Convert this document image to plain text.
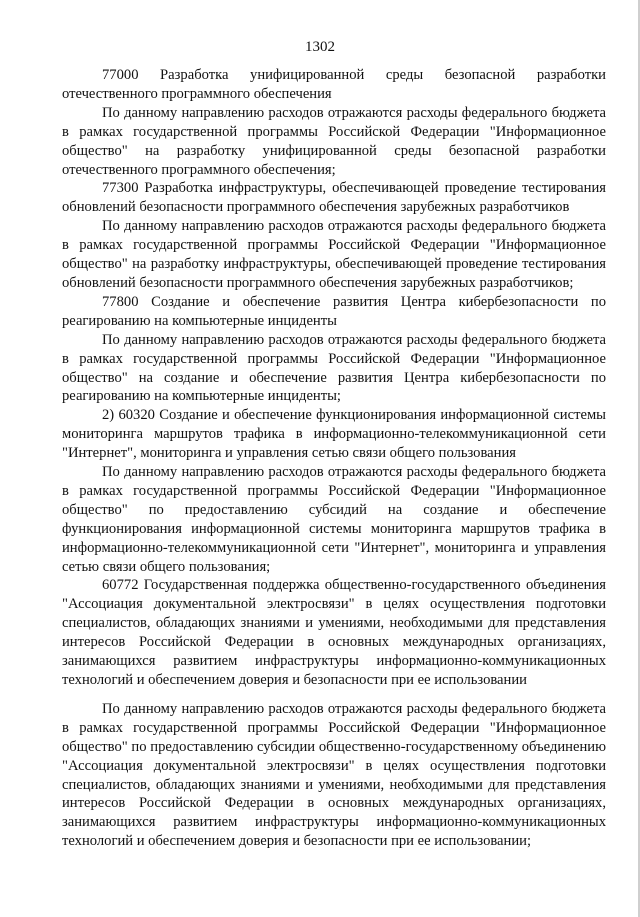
1302

77000 Разработка унифицированной среды безопасной разработки отечественного программного обеспечения

По данному направлению расходов отражаются расходы федерального бюджета в рамках государственной программы Российской Федерации "Информационное общество" на разработку унифицированной среды безопасной разработки отечественного программного обеспечения;

77300 Разработка инфраструктуры, обеспечивающей проведение тестирования обновлений безопасности программного обеспечения зарубежных разработчиков

По данному направлению расходов отражаются расходы федерального бюджета в рамках государственной программы Российской Федерации "Информационное общество" на разработку инфраструктуры, обеспечивающей проведение тестирования обновлений безопасности программного обеспечения зарубежных разработчиков;

77800 Создание и обеспечение развития Центра кибербезопасности по реагированию на компьютерные инциденты

По данному направлению расходов отражаются расходы федерального бюджета в рамках государственной программы Российской Федерации "Информационное общество" на создание и обеспечение развития Центра кибербезопасности по реагированию на компьютерные инциденты;

2) 60320 Создание и обеспечение функционирования информационной системы мониторинга маршрутов трафика в информационно-телекоммуникационной сети "Интернет", мониторинга и управления сетью связи общего пользования

По данному направлению расходов отражаются расходы федерального бюджета в рамках государственной программы Российской Федерации "Информационное общество" по предоставлению субсидий на создание и обеспечение функционирования информационной системы мониторинга маршрутов трафика в информационно-телекоммуникационной сети "Интернет", мониторинга и управления сетью связи общего пользования;

60772 Государственная поддержка общественно-государственного объединения "Ассоциация документальной электросвязи" в целях осуществления подготовки специалистов, обладающих знаниями и умениями, необходимыми для представления интересов Российской Федерации в основных международных организациях, занимающихся развитием инфраструктуры информационно-коммуникационных технологий и обеспечением доверия и безопасности при ее использовании

По данному направлению расходов отражаются расходы федерального бюджета в рамках государственной программы Российской Федерации "Информационное общество" по предоставлению субсидии общественно-государственному объединению "Ассоциация документальной электросвязи" в целях осуществления подготовки специалистов, обладающих знаниями и умениями, необходимыми для представления интересов Российской Федерации в основных международных организациях, занимающихся развитием инфраструктуры информационно-коммуникационных технологий и обеспечением доверия и безопасности при ее использовании;
